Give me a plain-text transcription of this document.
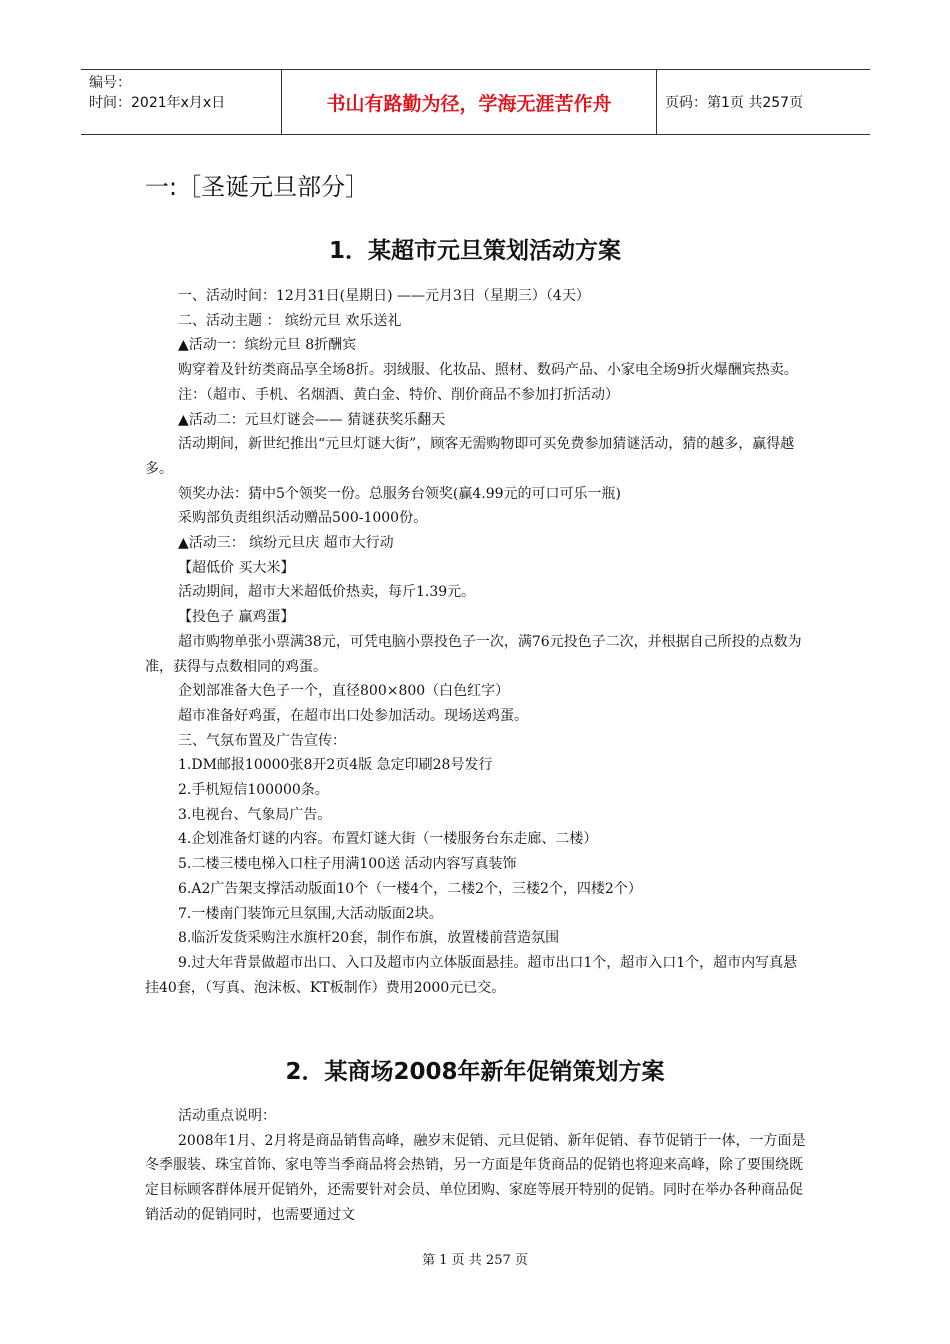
编号：
时间：2021年x月x日	书山有路勤为径，学海无涯苦作舟	页码：第1页 共257页
一:［圣诞元旦部分］
1．某超市元旦策划活动方案

一、活动时间：12月31日(星期日) ——元月3日（星期三）（4天）

二、活动主题 ： 缤纷元旦 欢乐送礼

▲活动一：缤纷元旦 8折酬宾

购穿着及针纺类商品享全场8折。羽绒服、化妆品、照材、数码产品、小家电全场9折火爆酬宾热卖。

注：（超市、手机、名烟酒、黄白金、特价、削价商品不参加打折活动）

▲活动二：元旦灯谜会—— 猜谜获奖乐翻天

活动期间，新世纪推出“元旦灯谜大街”，顾客无需购物即可买免费参加猜谜活动，猜的越多，赢得越多。

领奖办法：猜中5个领奖一份。总服务台领奖(赢4.99元的可口可乐一瓶)

采购部负责组织活动赠品500-1000份。

▲活动三： 缤纷元旦庆 超市大行动

【超低价 买大米】

活动期间，超市大米超低价热卖，每斤1.39元。

【投色子 赢鸡蛋】

超市购物单张小票满38元，可凭电脑小票投色子一次，满76元投色子二次，并根据自己所投的点数为准，获得与点数相同的鸡蛋。

企划部准备大色子一个，直径800×800（白色红字）

超市准备好鸡蛋，在超市出口处参加活动。现场送鸡蛋。

三、气氛布置及广告宣传：

1.DM邮报10000张8开2页4版 急定印刷28号发行

2.手机短信100000条。

3.电视台、气象局广告。

4.企划准备灯谜的内容。布置灯谜大街（一楼服务台东走廊、二楼）

5.二楼三楼电梯入口柱子用满100送 活动内容写真装饰

6.A2广告架支撑活动版面10个（一楼4个，二楼2个，三楼2个，四楼2个）

7.一楼南门装饰元旦氛围,大活动版面2块。

8.临沂发货采购注水旗杆20套，制作布旗，放置楼前营造氛围

9.过大年背景做超市出口、入口及超市内立体版面悬挂。超市出口1个，超市入口1个，超市内写真悬挂40套，（写真、泡沫板、KT板制作）费用2000元已交。

2．某商场2008年新年促销策划方案

活动重点说明：

2008年1月、2月将是商品销售高峰，融岁末促销、元旦促销、新年促销、春节促销于一体，一方面是冬季服装、珠宝首饰、家电等当季商品将会热销，另一方面是年货商品的促销也将迎来高峰，除了要围绕既定目标顾客群体展开促销外，还需要针对会员、单位团购、家庭等展开特别的促销。同时在举办各种商品促销活动的促销同时，也需要通过文

第 1 页 共 257 页
